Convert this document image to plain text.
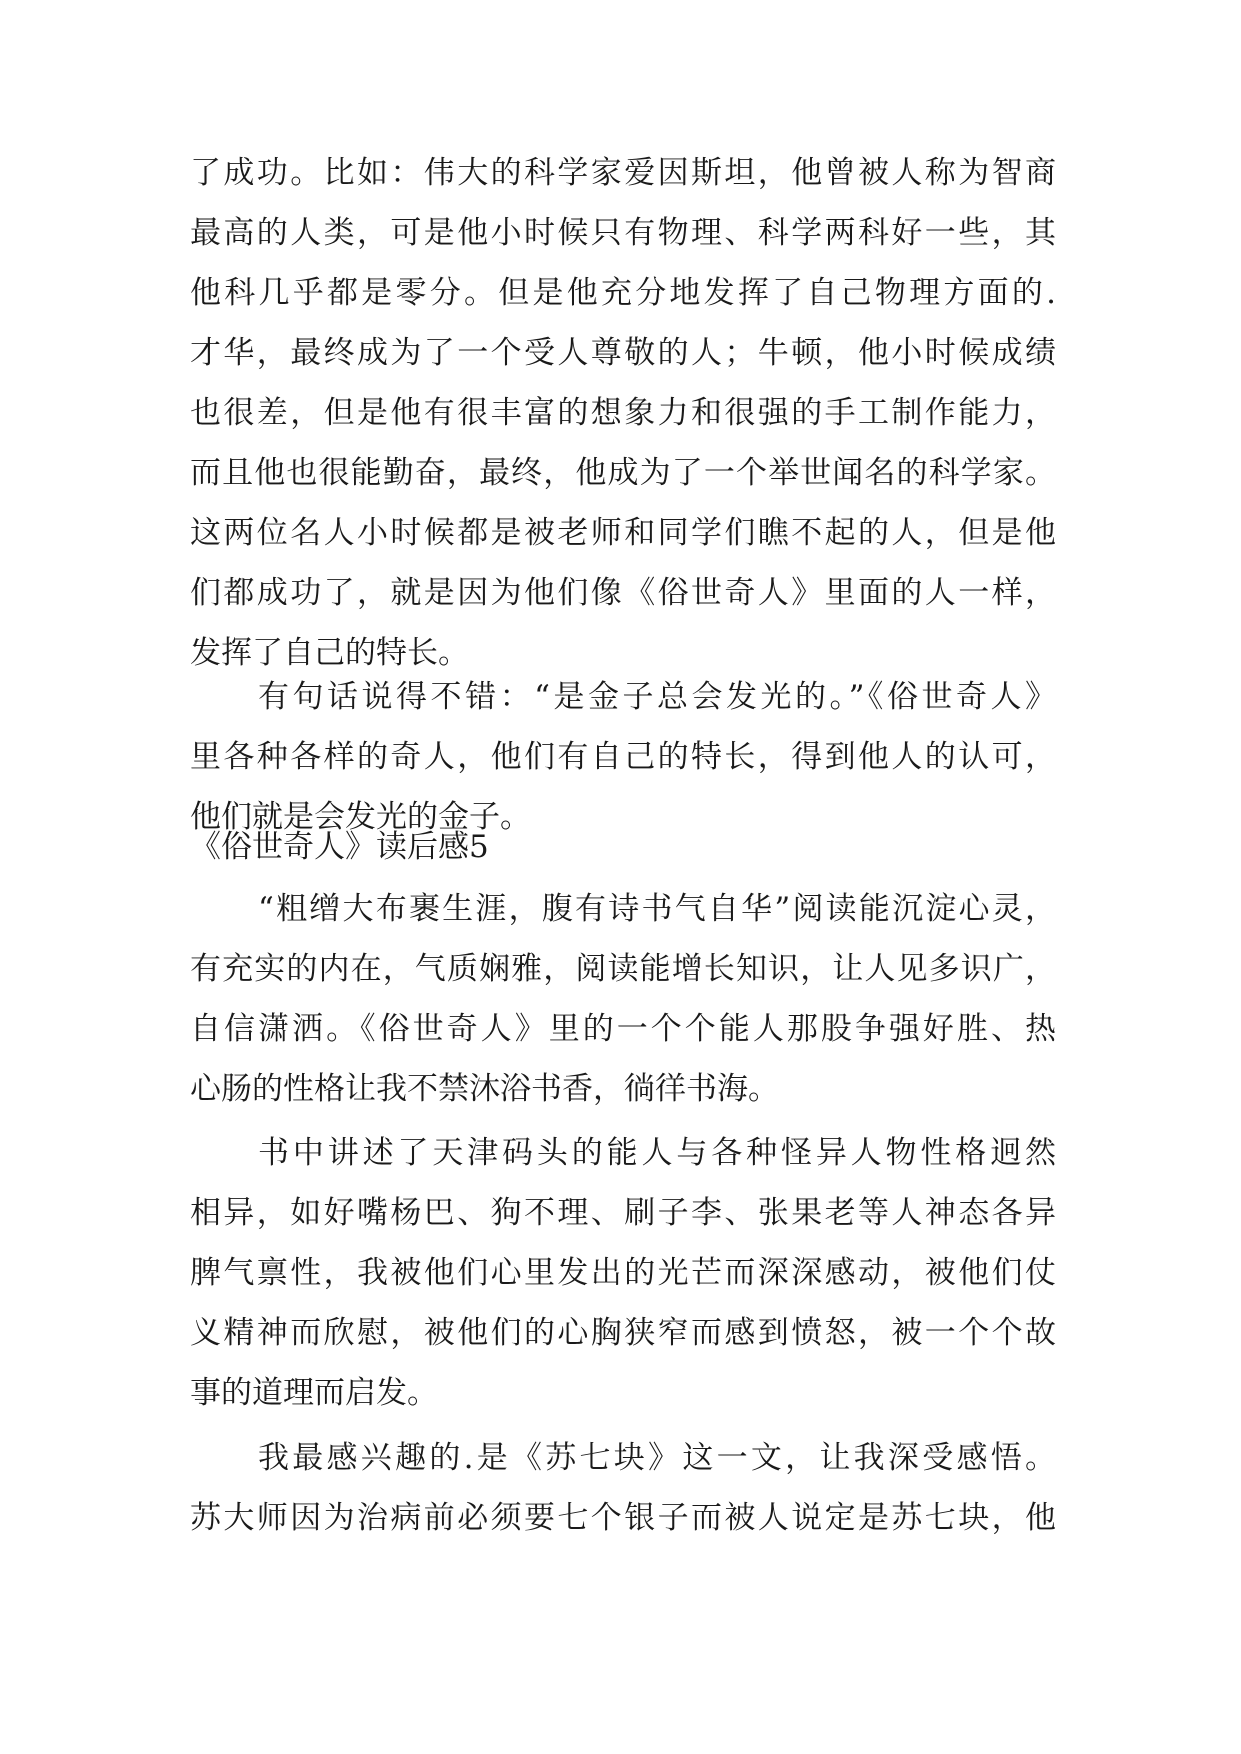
了成功。比如：伟大的科学家爱因斯坦，他曾被人称为智商
最高的人类，可是他小时候只有物理、科学两科好一些，其
他科几乎都是零分。但是他充分地发挥了自己物理方面的.
才华，最终成为了一个受人尊敬的人；牛顿，他小时候成绩
也很差，但是他有很丰富的想象力和很强的手工制作能力，
而且他也很能勤奋，最终，他成为了一个举世闻名的科学家。
这两位名人小时候都是被老师和同学们瞧不起的人，但是他
们都成功了，就是因为他们像《俗世奇人》里面的人一样，
发挥了自己的特长。
有句话说得不错：“是金子总会发光的。”《俗世奇人》
里各种各样的奇人，他们有自己的特长，得到他人的认可，
他们就是会发光的金子。
《俗世奇人》读后感5
“粗缯大布裹生涯，腹有诗书气自华”阅读能沉淀心灵，
有充实的内在，气质娴雅，阅读能增长知识，让人见多识广，
自信潇洒。《俗世奇人》里的一个个能人那股争强好胜、热
心肠的性格让我不禁沐浴书香，徜徉书海。
书中讲述了天津码头的能人与各种怪异人物性格迥然
相异，如好嘴杨巴、狗不理、刷子李、张果老等人神态各异
脾气禀性，我被他们心里发出的光芒而深深感动，被他们仗
义精神而欣慰，被他们的心胸狭窄而感到愤怒，被一个个故
事的道理而启发。
我最感兴趣的.是《苏七块》这一文，让我深受感悟。
苏大师因为治病前必须要七个银子而被人说定是苏七块，他
